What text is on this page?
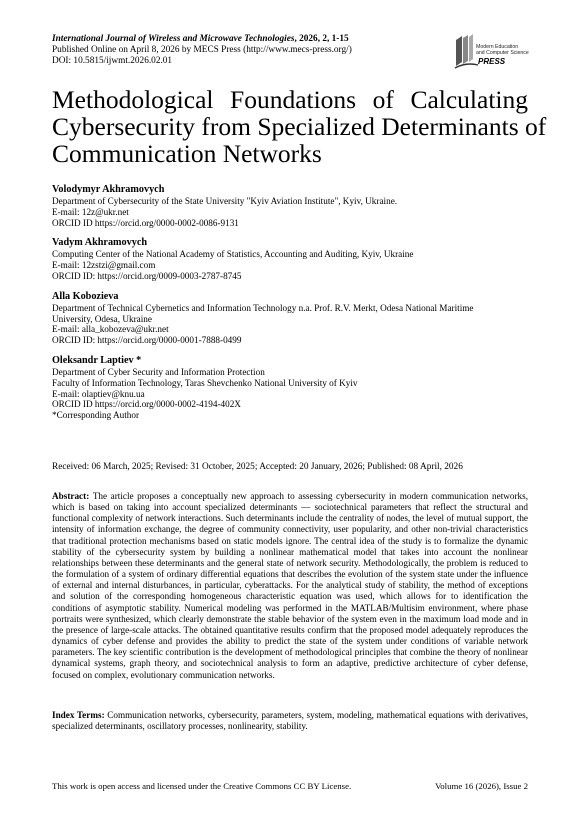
International Journal of Wireless and Microwave Technologies, 2026, 2, 1-15
Published Online on April 8, 2026 by MECS Press (http://www.mecs-press.org/)
DOI: 10.5815/ijwmt.2026.02.01
Modern Education
and Computer Science
PRESS
Methodological Foundations of Calculating
Cybersecurity from Specialized Determinants of
Communication Networks
Volodymyr Akhramovych
Department of Cybersecurity of the State University "Kyiv Aviation Institute", Kyiv, Ukraine.
E-mail: 12z@ukr.net
ORCID ID https://orcid.org/0000-0002-0086-9131
Vadym Akhramovych
Computing Center of the National Academy of Statistics, Accounting and Auditing, Kyiv, Ukraine
E-mail: 12zstzi@gmail.com
ORCID ID: https://orcid.org/0009-0003-2787-8745
Alla Kobozieva
Department of Technical Cybernetics and Information Technology n.a. Prof. R.V. Merkt, Odesa National Maritime
University, Odesa, Ukraine
E-mail: alla_kobozeva@ukr.net
ORCID ID: https://orcid.org/0000-0001-7888-0499
Oleksandr Laptiev *
Department of Cyber Security and Information Protection
Faculty of Information Technology, Taras Shevchenko National University of Kyiv
E-mail: olaptiev@knu.ua
ORCID ID https://orcid.org/0000-0002-4194-402X
*Corresponding Author
Received: 06 March, 2025; Revised: 31 October, 2025; Accepted: 20 January, 2026; Published: 08 April, 2026
Abstract: The article proposes a conceptually new approach to assessing cybersecurity in modern communication networks, which is based on taking into account specialized determinants — sociotechnical parameters that reflect the structural and functional complexity of network interactions. Such determinants include the centrality of nodes, the level of mutual support, the intensity of information exchange, the degree of community connectivity, user popularity, and other non-trivial characteristics that traditional protection mechanisms based on static models ignore. The central idea of the study is to formalize the dynamic stability of the cybersecurity system by building a nonlinear mathematical model that takes into account the nonlinear relationships between these determinants and the general state of network security. Methodologically, the problem is reduced to the formulation of a system of ordinary differential equations that describes the evolution of the system state under the influence of external and internal disturbances, in particular, cyberattacks. For the analytical study of stability, the method of exceptions and solution of the corresponding homogeneous characteristic equation was used, which allows for to identification the conditions of asymptotic stability. Numerical modeling was performed in the MATLAB/Multisim environment, where phase portraits were synthesized, which clearly demonstrate the stable behavior of the system even in the maximum load mode and in the presence of large-scale attacks. The obtained quantitative results confirm that the proposed model adequately reproduces the dynamics of cyber defense and provides the ability to predict the state of the system under conditions of variable network parameters. The key scientific contribution is the development of methodological principles that combine the theory of nonlinear dynamical systems, graph theory, and sociotechnical analysis to form an adaptive, predictive architecture of cyber defense, focused on complex, evolutionary communication networks.
Index Terms: Communication networks, cybersecurity, parameters, system, modeling, mathematical equations with derivatives, specialized determinants, oscillatory processes, nonlinearity, stability.
This work is open access and licensed under the Creative Commons CC BY License.	Volume 16 (2026), Issue 2
